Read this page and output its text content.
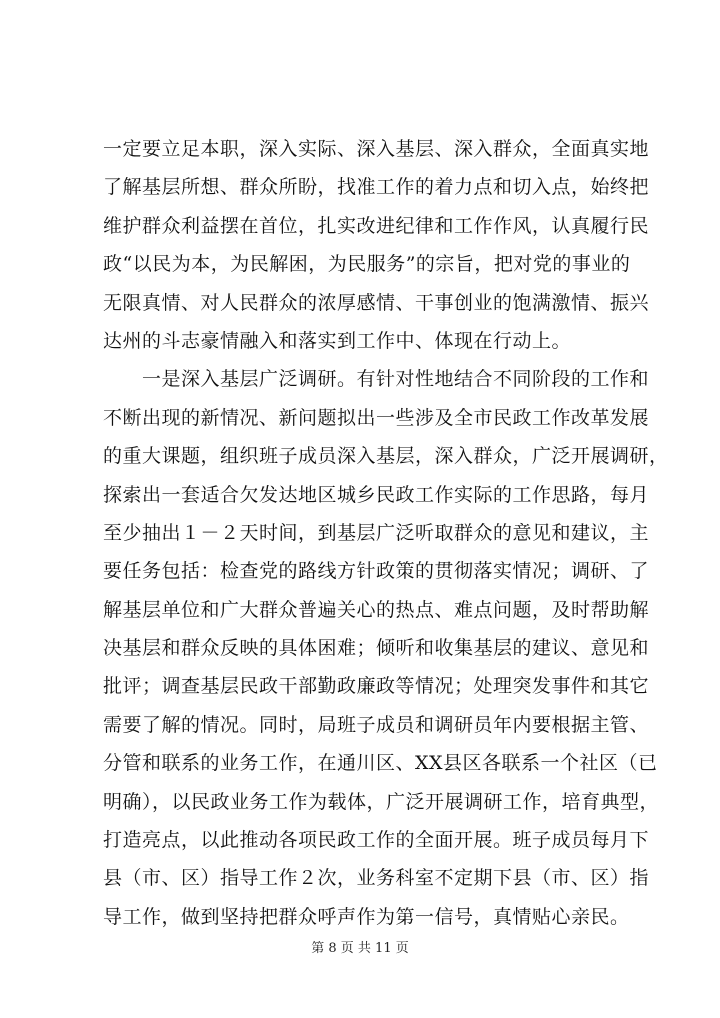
一定要立足本职，深入实际、深入基层、深入群众，全面真实地
了解基层所想、群众所盼，找准工作的着力点和切入点，始终把
维护群众利益摆在首位，扎实改进纪律和工作作风，认真履行民
政“以民为本，为民解困，为民服务”的宗旨，把对党的事业的
无限真情、对人民群众的浓厚感情、干事创业的饱满激情、振兴
达州的斗志豪情融入和落实到工作中、体现在行动上。
　　一是深入基层广泛调研。有针对性地结合不同阶段的工作和
不断出现的新情况、新问题拟出一些涉及全市民政工作改革发展
的重大课题，组织班子成员深入基层，深入群众，广泛开展调研，
探索出一套适合欠发达地区城乡民政工作实际的工作思路，每月
至少抽出１－２天时间，到基层广泛听取群众的意见和建议，主
要任务包括：检查党的路线方针政策的贯彻落实情况；调研、了
解基层单位和广大群众普遍关心的热点、难点问题，及时帮助解
决基层和群众反映的具体困难；倾听和收集基层的建议、意见和
批评；调查基层民政干部勤政廉政等情况；处理突发事件和其它
需要了解的情况。同时，局班子成员和调研员年内要根据主管、
分管和联系的业务工作，在通川区、XX县区各联系一个社区（已
明确），以民政业务工作为载体，广泛开展调研工作，培育典型，
打造亮点，以此推动各项民政工作的全面开展。班子成员每月下
县（市、区）指导工作２次，业务科室不定期下县（市、区）指
导工作，做到坚持把群众呼声作为第一信号，真情贴心亲民。
第 8 页 共 11 页
